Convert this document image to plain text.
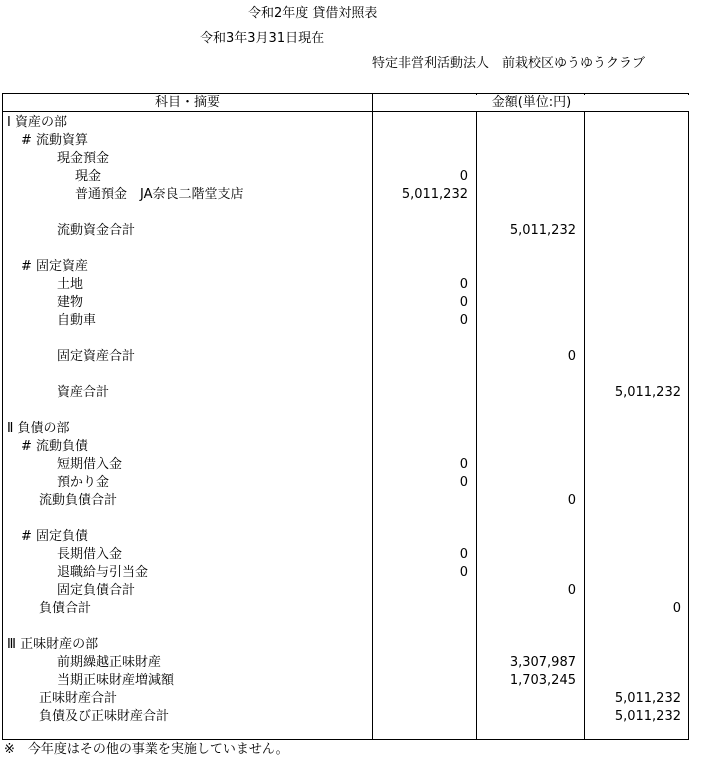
令和2年度 貸借対照表
令和3年3月31日現在
特定非営利活動法人　前栽校区ゆうゆうクラブ
科目・摘要	金額(単位:円)
Ⅰ 資産の部
# 流動資算
現金預金
現金	0
普通預金　JA奈良二階堂支店	5,011,232
流動資金合計	5,011,232
# 固定資産
土地	0
建物	0
自動車	0
固定資産合計	0
資産合計	5,011,232
Ⅱ 負債の部
# 流動負債
短期借入金	0
預かり金	0
流動負債合計	0
# 固定負債
長期借入金	0
退職給与引当金	0
固定負債合計	0
負債合計	0
Ⅲ 正味財産の部
前期繰越正味財産	3,307,987
当期正味財産増減額	1,703,245
正味財産合計	5,011,232
負債及び正味財産合計	5,011,232
※　今年度はその他の事業を実施していません。
